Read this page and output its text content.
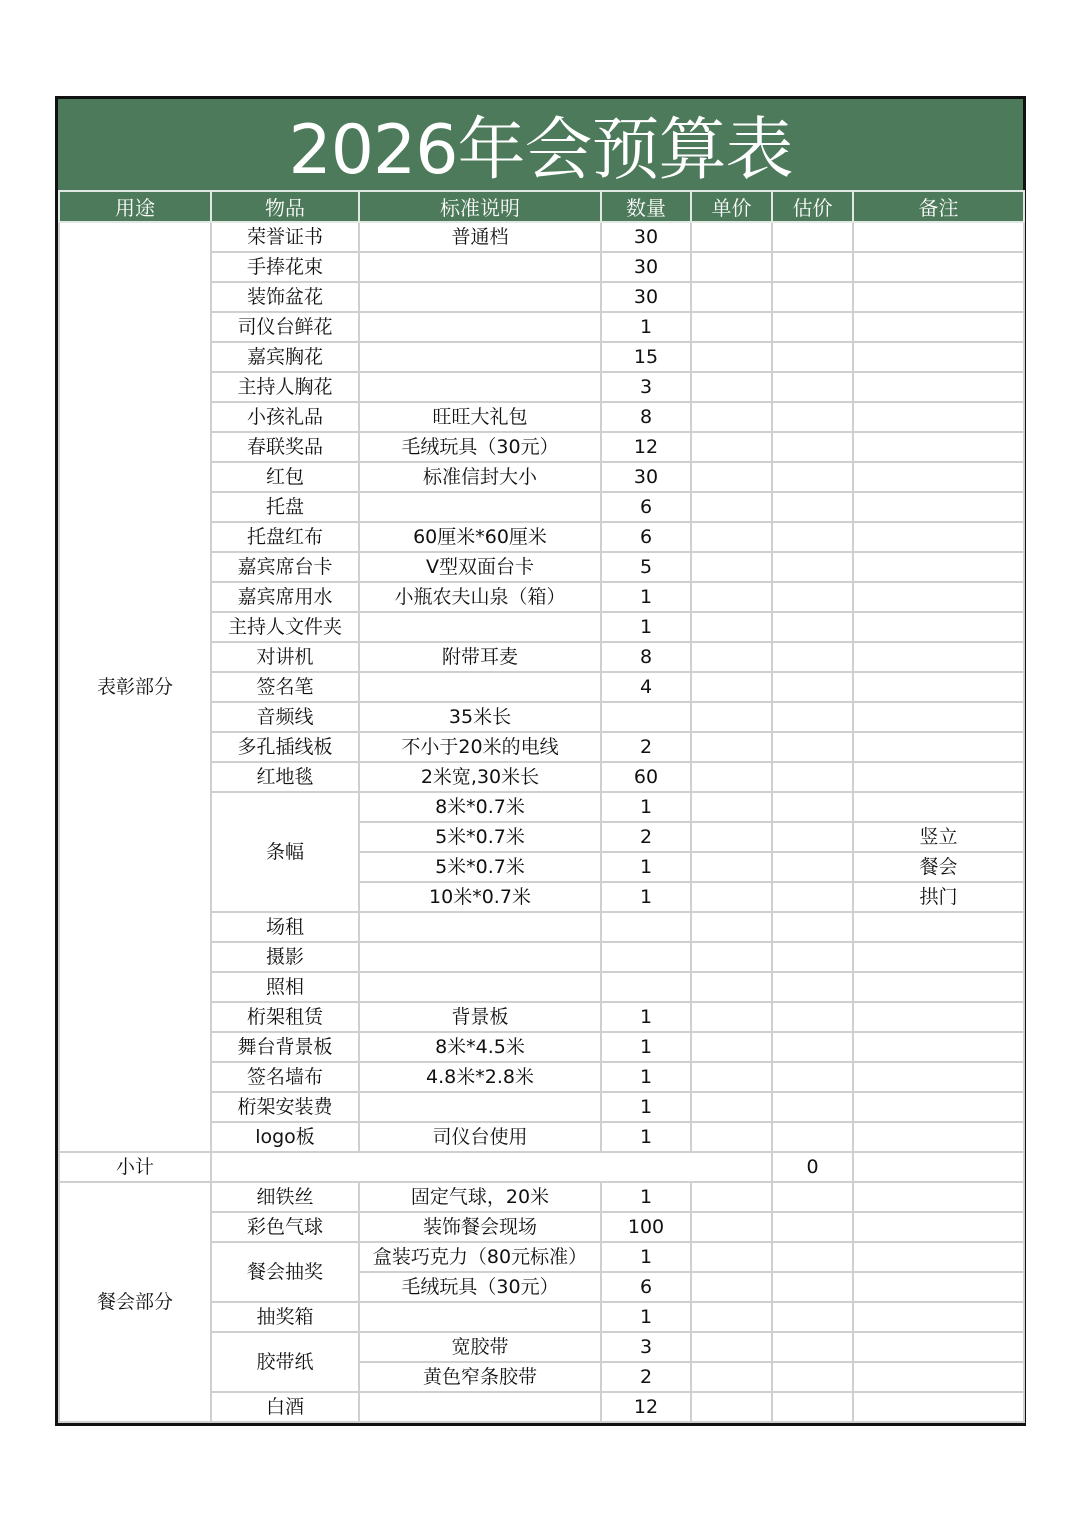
2026年会预算表
用途	物品	标准说明	数量	单价	估价	备注
表彰部分	荣誉证书	普通档	30			
	手捧花束		30			
	装饰盆花		30			
	司仪台鲜花		1			
	嘉宾胸花		15			
	主持人胸花		3			
	小孩礼品	旺旺大礼包	8			
	春联奖品	毛绒玩具（30元）	12			
	红包	标准信封大小	30			
	托盘		6			
	托盘红布	60厘米*60厘米	6			
	嘉宾席台卡	V型双面台卡	5			
	嘉宾席用水	小瓶农夫山泉（箱）	1			
	主持人文件夹		1			
	对讲机	附带耳麦	8			
	签名笔		4			
	音频线	35米长				
	多孔插线板	不小于20米的电线	2			
	红地毯	2米宽,30米长	60			
	条幅	8米*0.7米	1			
		5米*0.7米	2			竖立
		5米*0.7米	1			餐会
		10米*0.7米	1			拱门
	场租					
	摄影					
	照相					
	桁架租赁	背景板	1			
	舞台背景板	8米*4.5米	1			
	签名墙布	4.8米*2.8米	1			
	桁架安装费		1			
	logo板	司仪台使用	1			
小计					0	
餐会部分	细铁丝	固定气球，20米	1			
	彩色气球	装饰餐会现场	100			
	餐会抽奖	盒装巧克力（80元标准）	1			
		毛绒玩具（30元）	6			
	抽奖箱		1			
	胶带纸	宽胶带	3			
		黄色窄条胶带	2			
	白酒		12			
